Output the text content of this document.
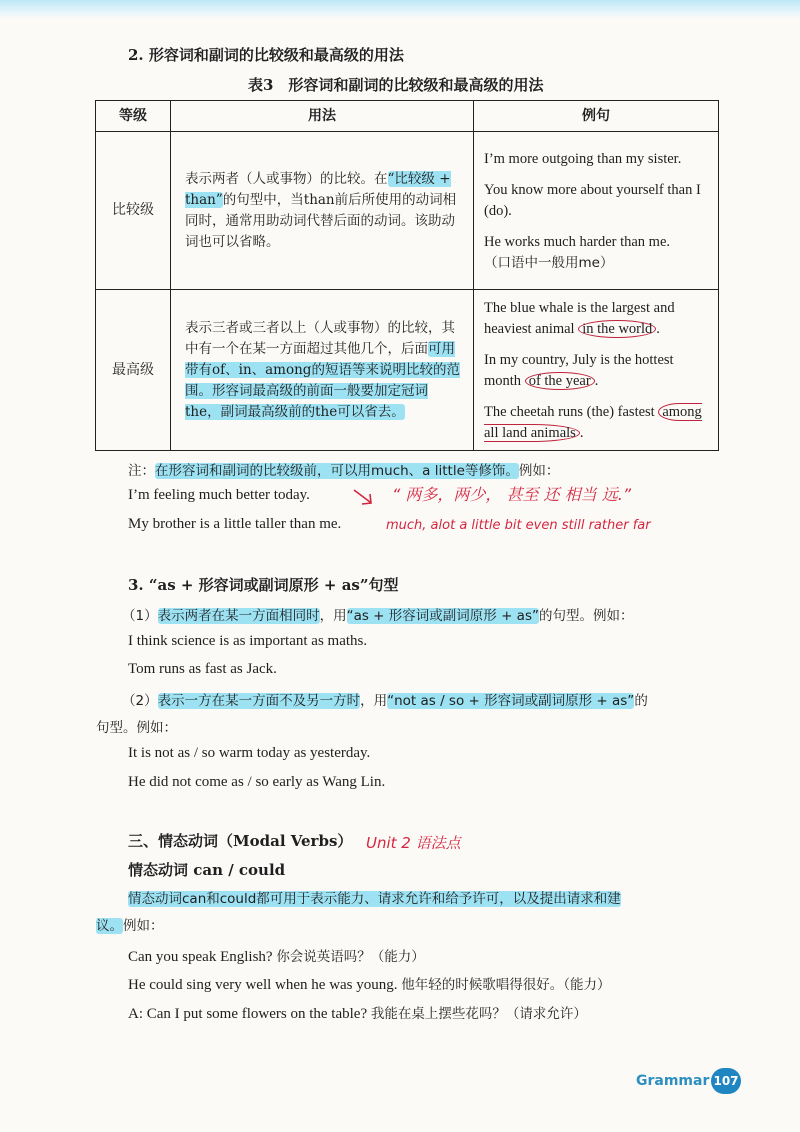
2. 形容词和副词的比较级和最高级的用法
表3　形容词和副词的比较级和最高级的用法
等级	用法	例句
比较级	表示两者（人或事物）的比较。在“比较级 + than”的句型中，当than前后所使用的动词相同时，通常用助动词代替后面的动词。该助动词也可以省略。	I’m more outgoing than my sister.

You know more about yourself than I (do).

He works much harder than me.
（口语中一般用me）

最高级	表示三者或三者以上（人或事物）的比较，其中有一个在某一方面超过其他几个，后面可用带有of、in、among的短语等来说明比较的范围。形容词最高级的前面一般要加定冠词the，副词最高级前的the可以省去。	The blue whale is the largest and heaviest animal in the world .

In my country, July is the hottest month of the year .

The cheetah runs (the) fastest among all land animals .

注：在形容词和副词的比较级前，可以用much、a little等修饰。例如：
I’m feeling much better today.
My brother is a little taller than me.
“ 两多，两少， 甚至 还 相当 远.”
much, alot a little bit even still rather far
3. “as + 形容词或副词原形 + as”句型
（1）表示两者在某一方面相同时，用“as + 形容词或副词原形 + as”的句型。例如：
I think science is as important as maths.
Tom runs as fast as Jack.
（2）表示一方在某一方面不及另一方时，用“not as / so + 形容词或副词原形 + as”的
句型。例如：
It is not as / so warm today as yesterday.
He did not come as / so early as Wang Lin.
三、情态动词（Modal Verbs） Unit 2 语法点
情态动词 can / could
情态动词can和could都可用于表示能力、请求允许和给予许可，以及提出请求和建
议。例如：
Can you speak English? 你会说英语吗？（能力）
He could sing very well when he was young. 他年轻的时候歌唱得很好。（能力）
A: Can I put some flowers on the table? 我能在桌上摆些花吗？（请求允许）
Grammar 107
